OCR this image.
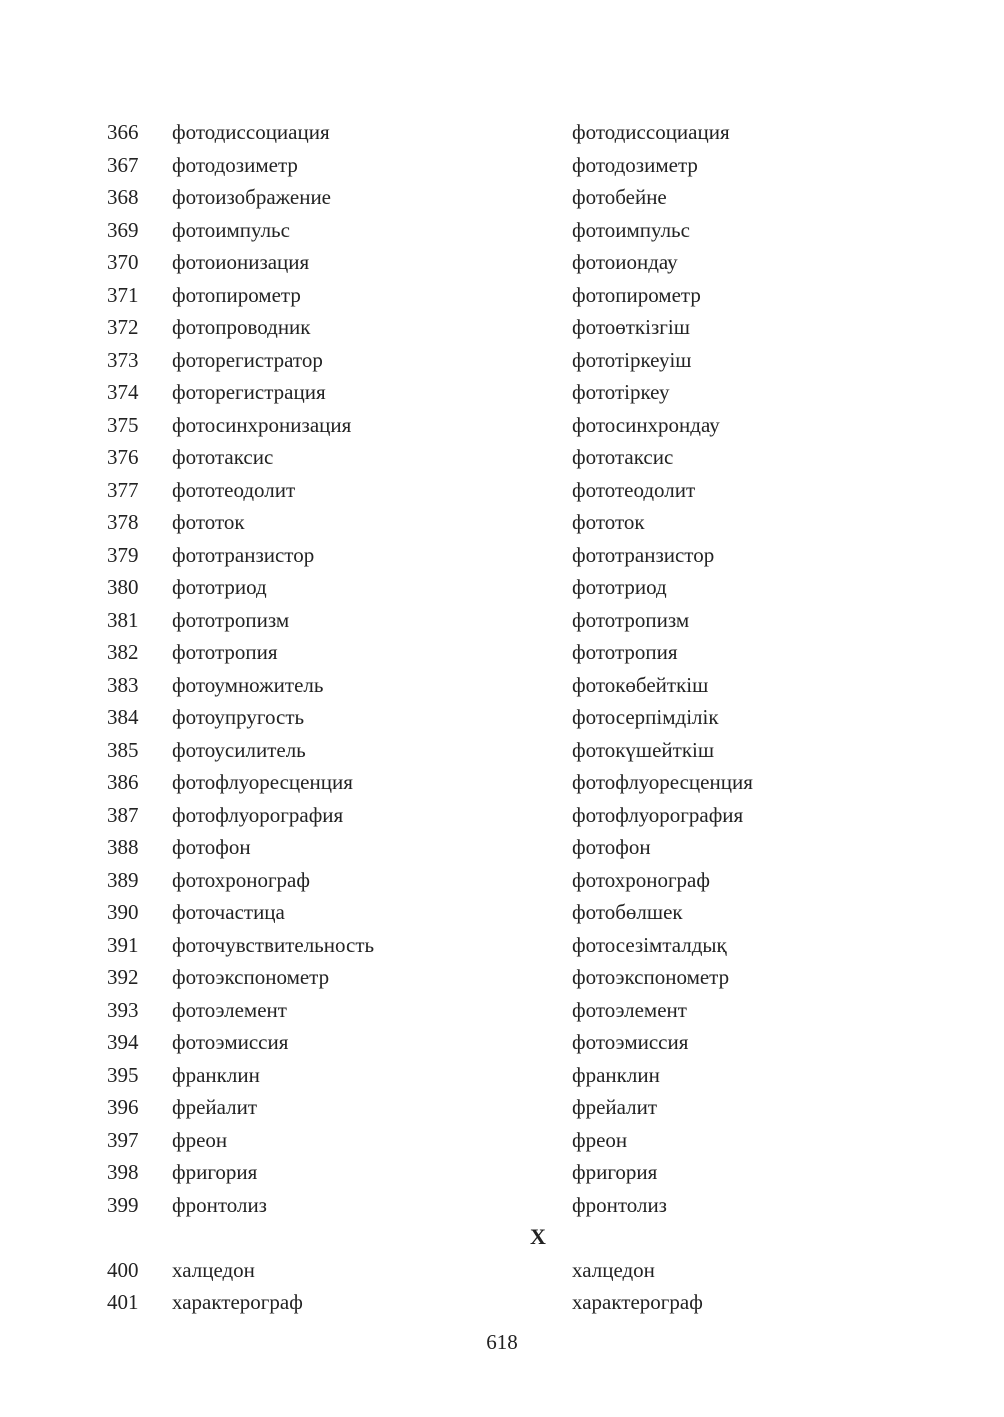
366 фотодиссоциация	фотодиссоциация
367 фотодозиметр	фотодозиметр
368 фотоизображение	фотобейне
369 фотоимпульс	фотоимпульс
370 фотоионизация	фотоиондау
371 фотопирометр	фотопирометр
372 фотопроводник	фотоөткізгіш
373 фоторегистратор	фототіркеуіш
374 фоторегистрация	фототіркеу
375 фотосинхронизация	фотосинхрондау
376 фототаксис	фототаксис
377 фототеодолит	фототеодолит
378 фототок	фототок
379 фототранзистор	фототранзистор
380 фототриод	фототриод
381 фототропизм	фототропизм
382 фототропия	фототропия
383 фотоумножитель	фотокөбейткіш
384 фотоупругость	фотосерпімділік
385 фотоусилитель	фотокүшейткіш
386 фотофлуоресценция	фотофлуоресценция
387 фотофлуорография	фотофлуорография
388 фотофон	фотофон
389 фотохронограф	фотохронограф
390 фоточастица	фотобөлшек
391 фоточувствительность	фотосезімталдық
392 фотоэкспонометр	фотоэкспонометр
393 фотоэлемент	фотоэлемент
394 фотоэмиссия	фотоэмиссия
395 франклин	франклин
396 фрейалит	фрейалит
397 фреон	фреон
398 фригория	фригория
399 фронтолиз	фронтолиз
Х
400 халцедон	халцедон
401 характерограф	характерограф
618
